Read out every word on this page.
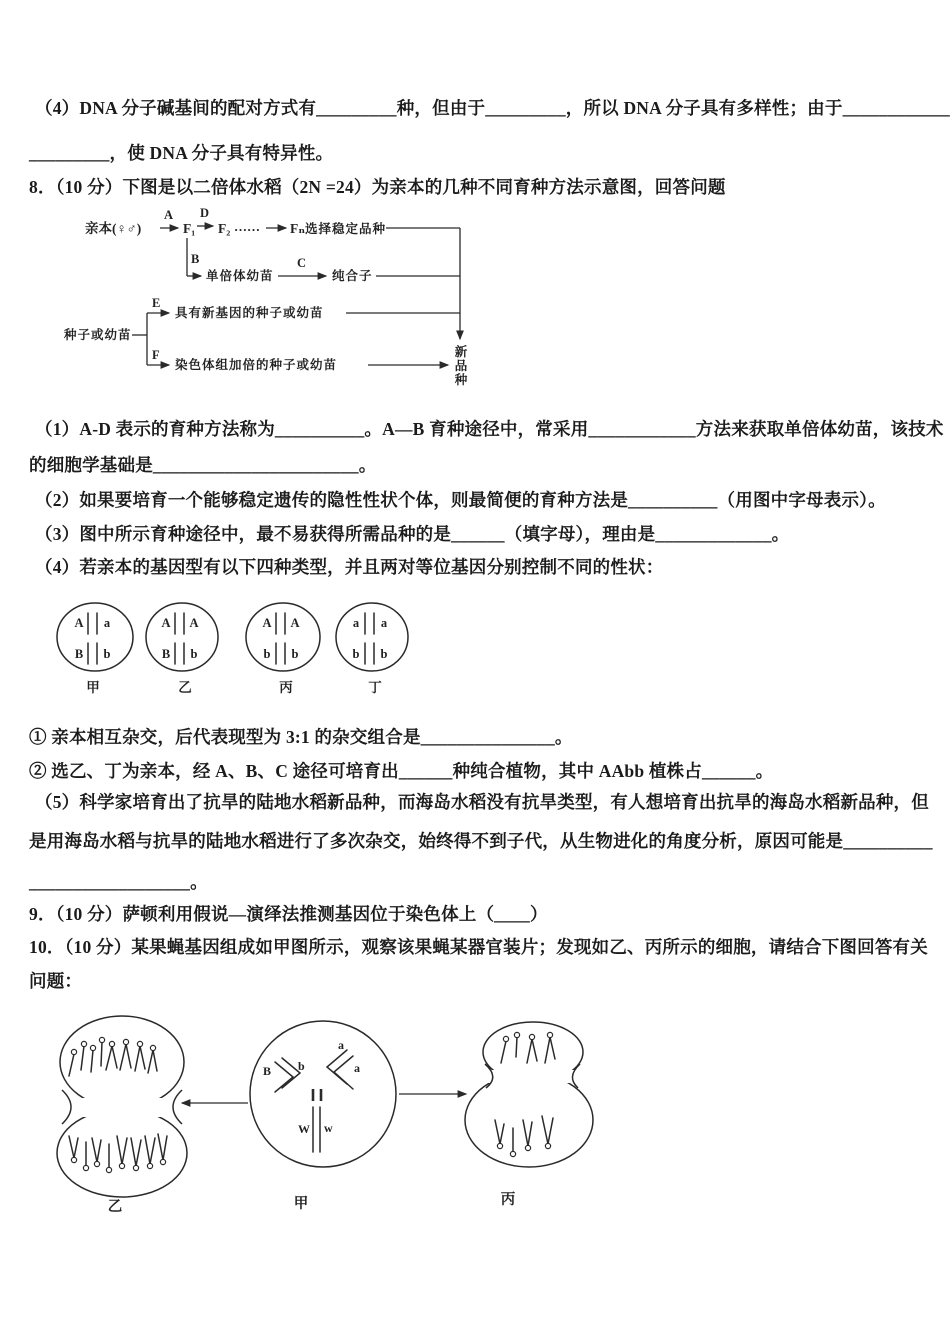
（4）DNA 分子碱基间的配对方式有_________种，但由于_________，所以 DNA 分子具有多样性；由于____________
_________，使 DNA 分子具有特异性。
8．（10 分）下图是以二倍体水稻（2N =24）为亲本的几种不同育种方法示意图，回答问题
（1）A-D 表示的育种方法称为__________。A—B 育种途径中，常采用____________方法来获取单倍体幼苗，该技术
的细胞学基础是_______________________。
（2）如果要培育一个能够稳定遗传的隐性性状个体，则最简便的育种方法是__________（用图中字母表示）。
（3）图中所示育种途径中，最不易获得所需品种的是______（填字母），理由是_____________。
（4）若亲本的基因型有以下四种类型，并且两对等位基因分别控制不同的性状：
① 亲本相互杂交，后代表现型为 3:1 的杂交组合是_______________。
② 选乙、丁为亲本，经 A、B、C 途径可培育出______种纯合植物，其中 AAbb 植株占______。
（5）科学家培育出了抗旱的陆地水稻新品种，而海岛水稻没有抗旱类型，有人想培育出抗旱的海岛水稻新品种，但
是用海岛水稻与抗旱的陆地水稻进行了多次杂交，始终得不到子代，从生物进化的角度分析，原因可能是__________
__________________。
9．（10 分）萨顿利用假说—演绎法推测基因位于染色体上（____）
10．（10 分）某果蝇基因组成如甲图所示，观察该果蝇某器官装片；发现如乙、丙所示的细胞，请结合下图回答有关
问题：
亲本(♀♂)
A
F₁
D
F₂ …… Fₙ 选择稳定品种
新
品
种
B
单倍体幼苗
C
纯合子
种子或幼苗
E
具有新基因的种子或幼苗
F
染色体组加倍的种子或幼苗
A a
B b
甲
A A
B b
乙
A A
b b
丙
a a
b b
丁
B b
a
a
W w
乙	甲	丙
